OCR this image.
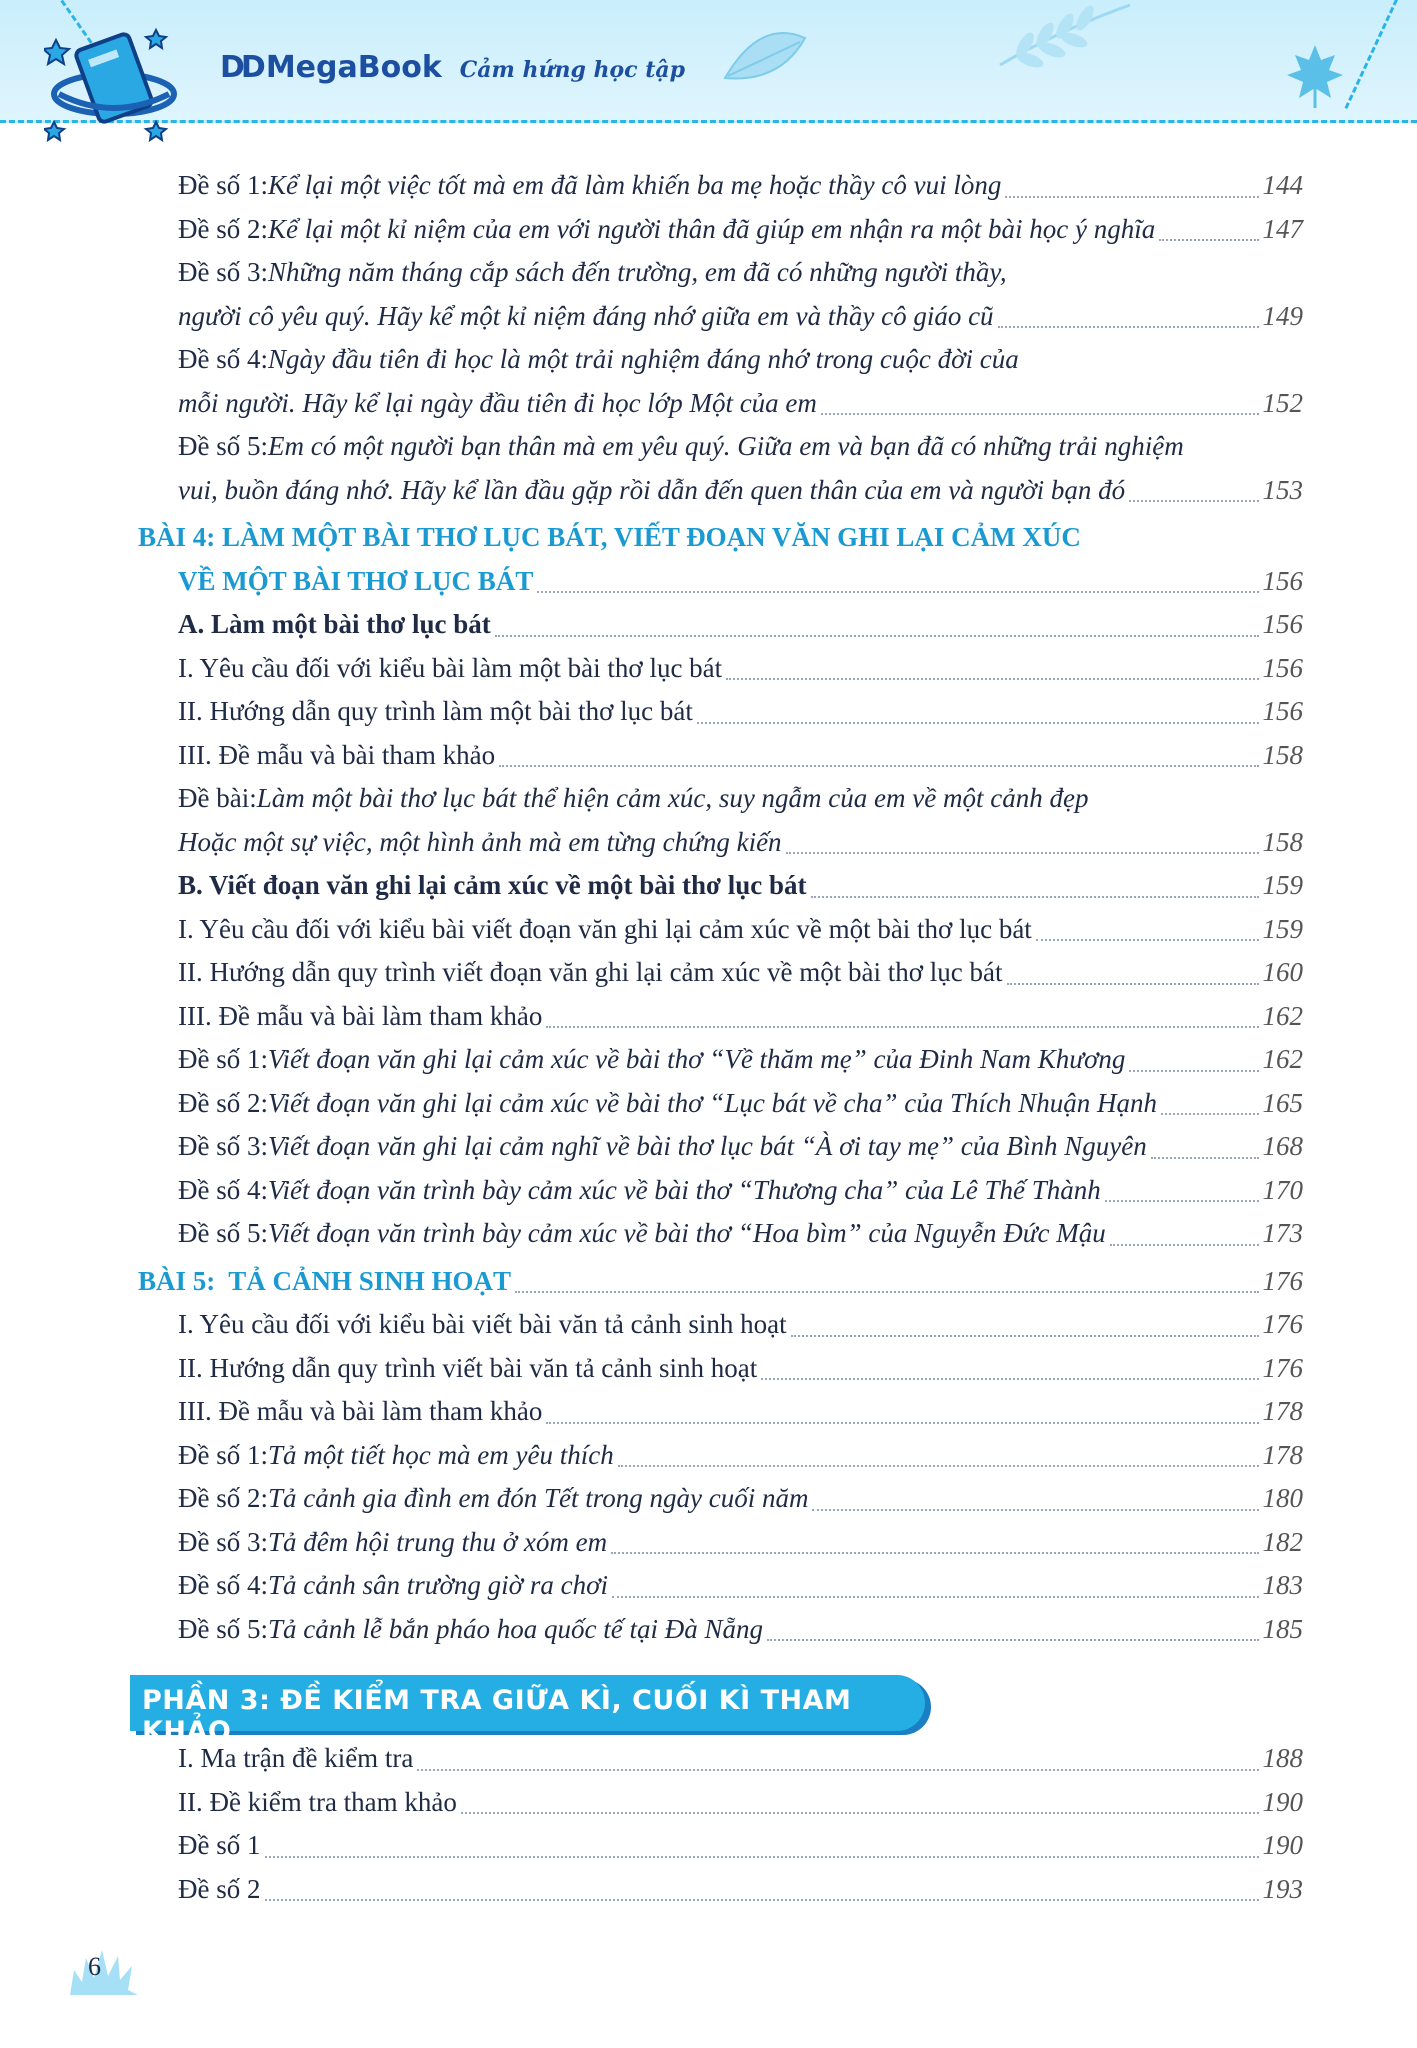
DD MegaBook Cảm hứng học tập
Đề số 1 : Kể lại một việc tốt mà em đã làm khiến ba mẹ hoặc thầy cô vui lòng	144
Đề số 2 : Kể lại một kỉ niệm của em với người thân đã giúp em nhận ra một bài học ý nghĩa	147
Đề số 3 : Những năm tháng cắp sách đến trường, em đã có những người thầy,
người cô yêu quý. Hãy kể một kỉ niệm đáng nhớ giữa em và thầy cô giáo cũ	149
Đề số 4 : Ngày đầu tiên đi học là một trải nghiệm đáng nhớ trong cuộc đời của
mỗi người. Hãy kể lại ngày đầu tiên đi học lớp Một của em	152
Đề số 5 : Em có một người bạn thân mà em yêu quý. Giữa em và bạn đã có những trải nghiệm
vui, buồn đáng nhớ. Hãy kể lần đầu gặp rồi dẫn đến quen thân của em và người bạn đó	153
BÀI 4: LÀM MỘT BÀI THƠ LỤC BÁT, VIẾT ĐOẠN VĂN GHI LẠI CẢM XÚC
VỀ MỘT BÀI THƠ LỤC BÁT	156
A. Làm một bài thơ lục bát	156
I. Yêu cầu đối với kiểu bài làm một bài thơ lục bát	156
II. Hướng dẫn quy trình làm một bài thơ lục bát	156
III. Đề mẫu và bài tham khảo	158
Đề bài : Làm một bài thơ lục bát thể hiện cảm xúc, suy ngẫm của em về một cảnh đẹp
Hoặc một sự việc, một hình ảnh mà em từng chứng kiến	158
B. Viết đoạn văn ghi lại cảm xúc về một bài thơ lục bát	159
I. Yêu cầu đối với kiểu bài viết đoạn văn ghi lại cảm xúc về một bài thơ lục bát	159
II. Hướng dẫn quy trình viết đoạn văn ghi lại cảm xúc về một bài thơ lục bát	160
III. Đề mẫu và bài làm tham khảo	162
Đề số 1 : Viết đoạn văn ghi lại cảm xúc về bài thơ “Về thăm mẹ” của Đinh Nam Khương	162
Đề số 2 : Viết đoạn văn ghi lại cảm xúc về bài thơ “Lục bát về cha” của Thích Nhuận Hạnh	165
Đề số 3 : Viết đoạn văn ghi lại cảm nghĩ về bài thơ lục bát “À ơi tay mẹ” của Bình Nguyên	168
Đề số 4 : Viết đoạn văn trình bày cảm xúc về bài thơ “Thương cha” của Lê Thế Thành	170
Đề số 5 : Viết đoạn văn trình bày cảm xúc về bài thơ “Hoa bìm” của Nguyễn Đức Mậu	173
BÀI 5:  TẢ CẢNH SINH HOẠT	176
I. Yêu cầu đối với kiểu bài viết bài văn tả cảnh sinh hoạt	176
II. Hướng dẫn quy trình viết bài văn tả cảnh sinh hoạt	176
III. Đề mẫu và bài làm tham khảo	178
Đề số 1 : Tả một tiết học mà em yêu thích	178
Đề số 2 : Tả cảnh gia đình em đón Tết trong ngày cuối năm	180
Đề số 3 : Tả đêm hội trung thu ở xóm em	182
Đề số 4 : Tả cảnh sân trường giờ ra chơi	183
Đề số 5 : Tả cảnh lễ bắn pháo hoa quốc tế tại Đà Nẵng	185
PHẦN 3: ĐỀ KIỂM TRA GIỮA KÌ, CUỐI KÌ THAM KHẢO
I. Ma trận đề kiểm tra	188
II. Đề kiểm tra tham khảo	190
Đề số 1	190
Đề số 2	193
6
